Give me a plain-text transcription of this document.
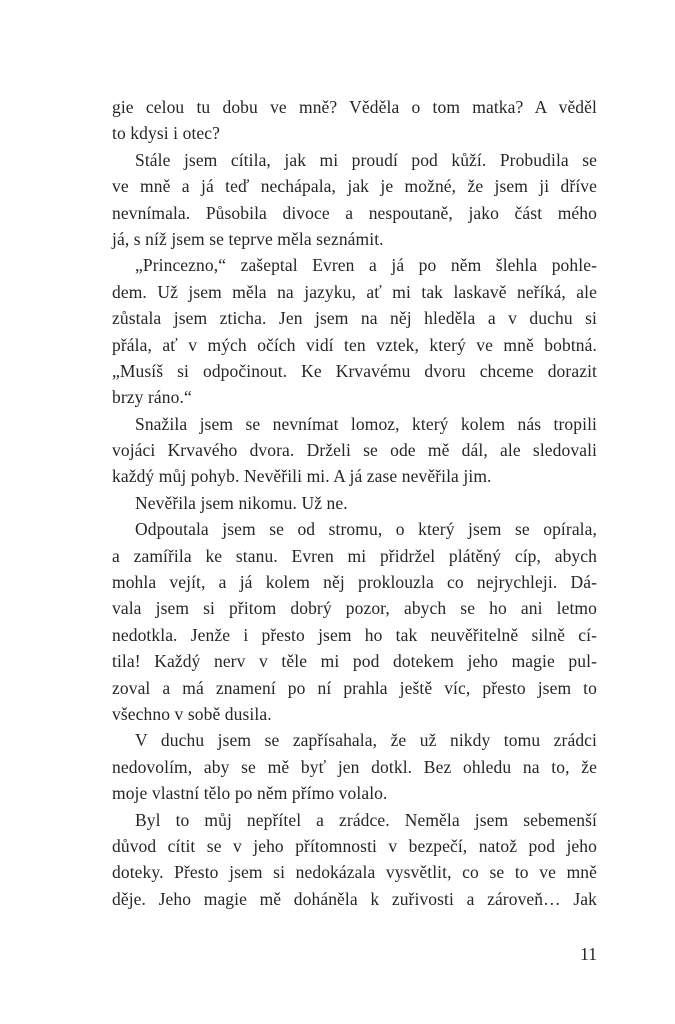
gie celou tu dobu ve mně? Věděla o tom matka? A věděl
to kdysi i otec?
Stále jsem cítila, jak mi proudí pod kůží. Probudila se
ve mně a já teď nechápala, jak je možné, že jsem ji dříve
nevnímala. Působila divoce a nespoutaně, jako část mého
já, s níž jsem se teprve měla seznámit.
„Princezno,“ zašeptal Evren a já po něm šlehla pohle-
dem. Už jsem měla na jazyku, ať mi tak laskavě neříká, ale
zůstala jsem zticha. Jen jsem na něj hleděla a v duchu si
přála, ať v mých očích vidí ten vztek, který ve mně bobtná.
„Musíš si odpočinout. Ke Krvavému dvoru chceme dorazit
brzy ráno.“
Snažila jsem se nevnímat lomoz, který kolem nás tropili
vojáci Krvavého dvora. Drželi se ode mě dál, ale sledovali
každý můj pohyb. Nevěřili mi. A já zase nevěřila jim.
Nevěřila jsem nikomu. Už ne.
Odpoutala jsem se od stromu, o který jsem se opírala,
a zamířila ke stanu. Evren mi přidržel plátěný cíp, abych
mohla vejít, a já kolem něj proklouzla co nejrychleji. Dá-
vala jsem si přitom dobrý pozor, abych se ho ani letmo
nedotkla. Jenže i přesto jsem ho tak neuvěřitelně silně cí-
tila! Každý nerv v těle mi pod dotekem jeho magie pul-
zoval a má znamení po ní prahla ještě víc, přesto jsem to
všechno v sobě dusila.
V duchu jsem se zapřísahala, že už nikdy tomu zrádci
nedovolím, aby se mě byť jen dotkl. Bez ohledu na to, že
moje vlastní tělo po něm přímo volalo.
Byl to můj nepřítel a zrádce. Neměla jsem sebemenší
důvod cítit se v jeho přítomnosti v bezpečí, natož pod jeho
doteky. Přesto jsem si nedokázala vysvětlit, co se to ve mně
děje. Jeho magie mě doháněla k zuřivosti a zároveň… Jak
11
